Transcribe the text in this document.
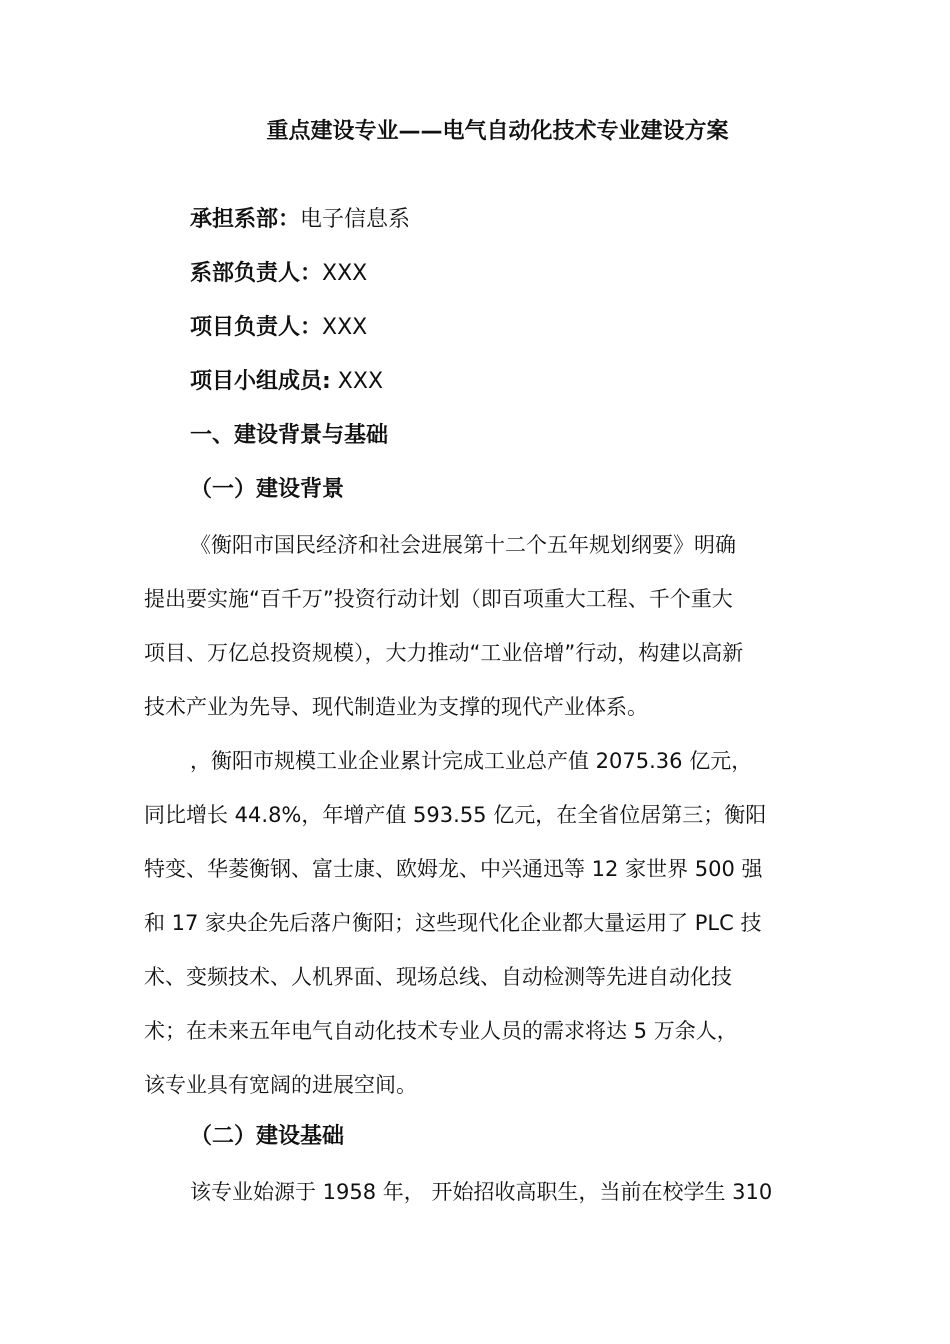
重点建设专业——电气自动化技术专业建设方案
承担系部：电子信息系
系部负责人：XXX
项目负责人：XXX
项目小组成员: XXX
一、建设背景与基础
（一）建设背景
《衡阳市国民经济和社会进展第十二个五年规划纲要》明确
提出要实施“百千万”投资行动计划（即百项重大工程、千个重大
项目、万亿总投资规模），大力推动“工业倍增”行动，构建以高新
技术产业为先导、现代制造业为支撑的现代产业体系。
，衡阳市规模工业企业累计完成工业总产值 2075.36 亿元，
同比增长 44.8%，年增产值 593.55 亿元，在全省位居第三；衡阳
特变、华菱衡钢、富士康、欧姆龙、中兴通迅等 12 家世界 500 强
和 17 家央企先后落户衡阳；这些现代化企业都大量运用了 PLC 技
术、变频技术、人机界面、现场总线、自动检测等先进自动化技
术；在未来五年电气自动化技术专业人员的需求将达 5 万余人，
该专业具有宽阔的进展空间。
（二）建设基础
该专业始源于 1958 年， 开始招收高职生，当前在校学生 310
